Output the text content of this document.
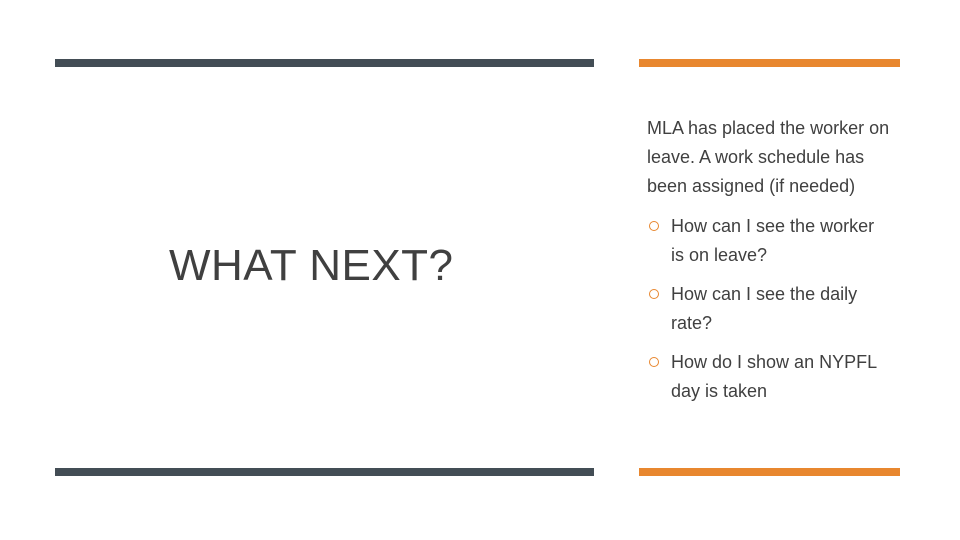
WHAT NEXT?

MLA has placed the worker on leave. A work schedule has been assigned (if needed)

How can I see the worker is on leave?
How can I see the daily rate?
How do I show an NYPFL day is taken
